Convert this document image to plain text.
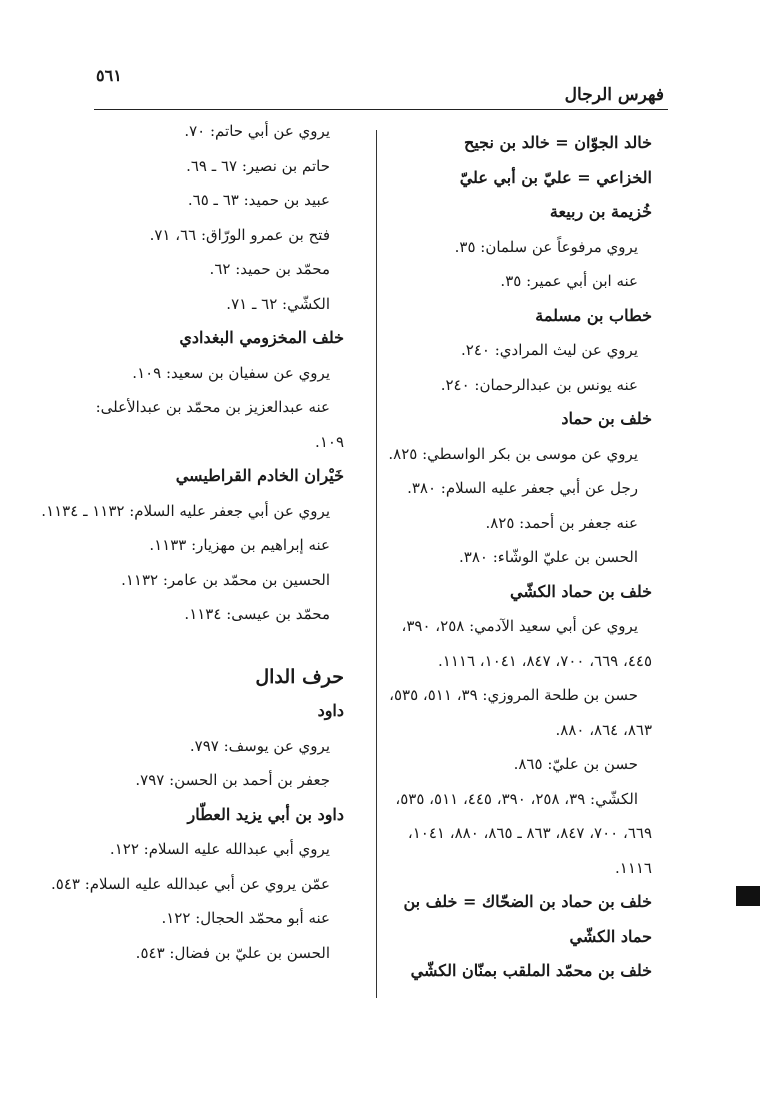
فهرس الرجال
٥٦١
خالد الجوّان = خالد بن نجيح
الخزاعي = عليّ بن أبي عليّ
خُزيمة بن ربيعة
يروي مرفوعاً عن سلمان: ٣٥.
عنه ابن أبي عمير: ٣٥.
خطاب بن مسلمة
يروي عن ليث المرادي: ٢٤٠.
عنه يونس بن عبدالرحمان: ٢٤٠.
خلف بن حماد
يروي عن موسى بن بكر الواسطي: ٨٢٥.
رجل عن أبي جعفر عليه السلام: ٣٨٠.
عنه جعفر بن أحمد: ٨٢٥.
الحسن بن عليّ الوشّاء: ٣٨٠.
خلف بن حماد الكشّي
يروي عن أبي سعيد الآدمي: ٢٥٨، ٣٩٠،
٤٤٥، ٦٦٩، ٧٠٠، ٨٤٧، ١٠٤١، ١١١٦.
حسن بن طلحة المروزي: ٣٩، ٥١١، ٥٣٥،
٨٦٣، ٨٦٤، ٨٨٠.
حسن بن عليّ: ٨٦٥.
الكشّي: ٣٩، ٢٥٨، ٣٩٠، ٤٤٥، ٥١١، ٥٣٥،
٦٦٩، ٧٠٠، ٨٤٧، ٨٦٣ ـ ٨٦٥، ٨٨٠، ١٠٤١،
١١١٦.
خلف بن حماد بن الضحّاك = خلف بن
حماد الكشّي
خلف بن محمّد الملقب بمنّان الكشّي
يروي عن أبي حاتم: ٧٠.
حاتم بن نصير: ٦٧ ـ ٦٩.
عبيد بن حميد: ٦٣ ـ ٦٥.
فتح بن عمرو الورّاق: ٦٦، ٧١.
محمّد بن حميد: ٦٢.
الكشّي: ٦٢ ـ ٧١.
خلف المخزومي البغدادي
يروي عن سفيان بن سعيد: ١٠٩.
عنه عبدالعزيز بن محمّد بن عبدالأعلى:
١٠٩.
خَيْران الخادم القراطيسي
يروي عن أبي جعفر عليه السلام: ١١٣٢ ـ ١١٣٤.
عنه إبراهيم بن مهزيار: ١١٣٣.
الحسين بن محمّد بن عامر: ١١٣٢.
محمّد بن عيسى: ١١٣٤.
حرف الدال
داود
يروي عن يوسف: ٧٩٧.
جعفر بن أحمد بن الحسن: ٧٩٧.
داود بن أبي يزيد العطّار
يروي أبي عبدالله عليه السلام: ١٢٢.
عمّن يروي عن أبي عبدالله عليه السلام: ٥٤٣.
عنه أبو محمّد الحجال: ١٢٢.
الحسن بن عليّ بن فضال: ٥٤٣.
